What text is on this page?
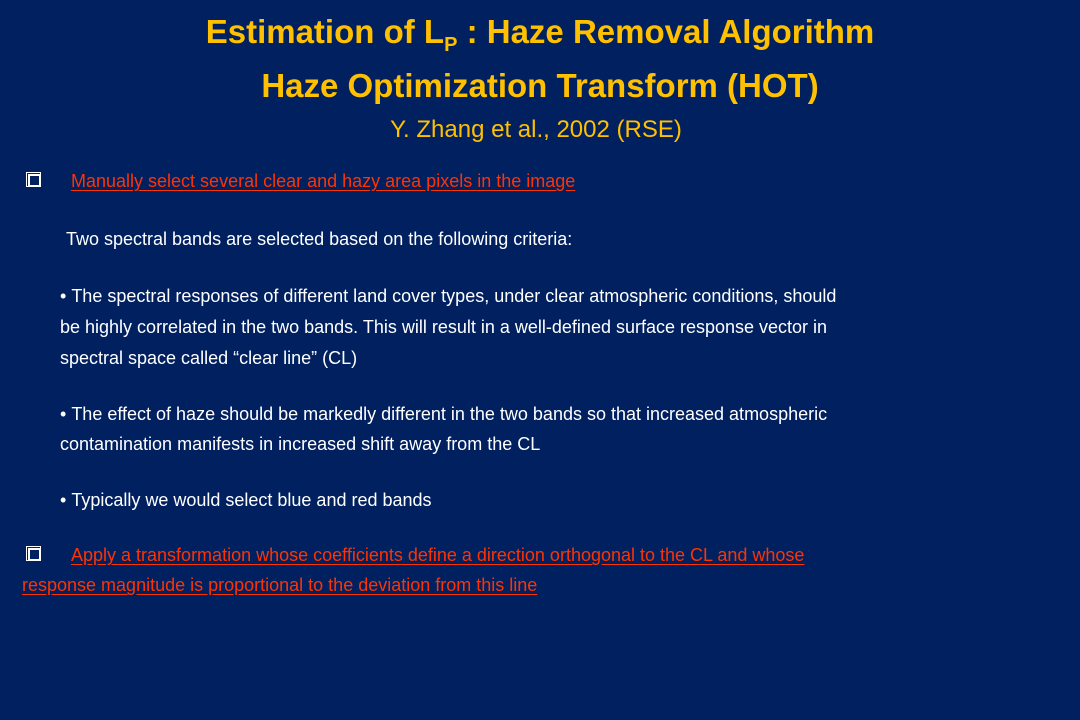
Estimation of $L_P$ : Haze Removal Algorithm
Haze Optimization Transform (HOT)
Y. Zhang et al., 2002 (RSE)
Manually select several clear and hazy area pixels in the image
Two spectral bands are selected based on the following criteria:
• The spectral responses of different land cover types, under clear atmospheric conditions, should
be highly correlated in the two bands. This will result in a well-defined surface response vector in
spectral space called “clear line” (CL)
• The effect of haze should be markedly different in the two bands so that increased atmospheric
contamination manifests in increased shift away from the CL
• Typically we would select blue and red bands
Apply a transformation whose coefficients define a direction orthogonal to the CL and whose
response magnitude is proportional to the deviation from this line
